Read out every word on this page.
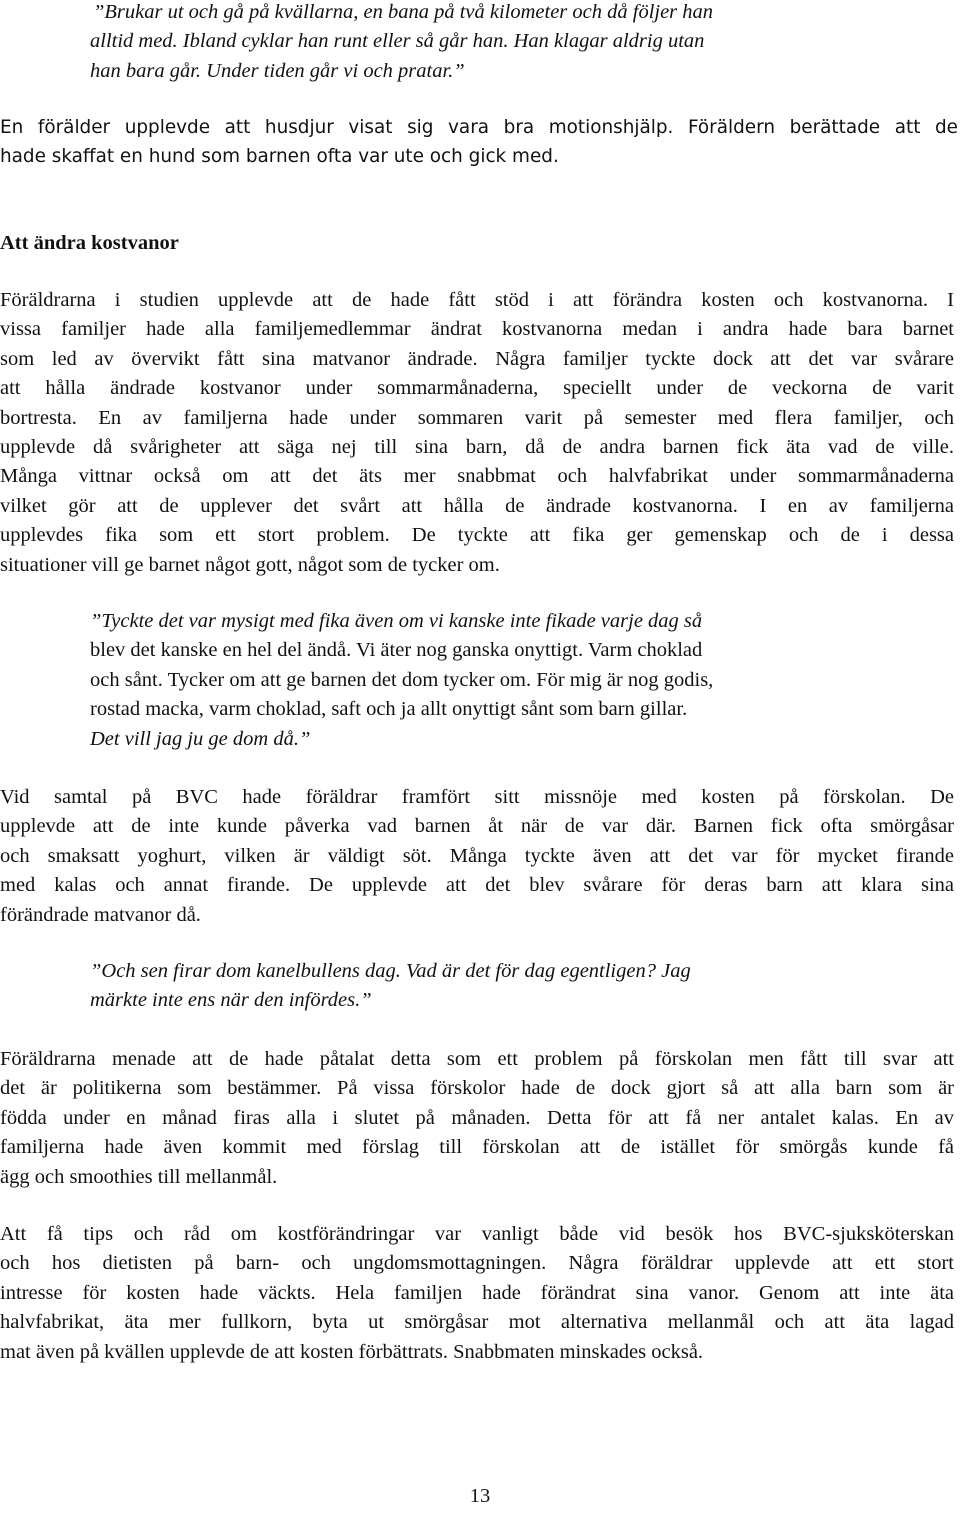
”Brukar ut och gå på kvällarna, en bana på två kilometer och då följer han
alltid med. Ibland cyklar han runt eller så går han. Han klagar aldrig utan
han bara går. Under tiden går vi och pratar.”
En förälder upplevde att husdjur visat sig vara bra motionshjälp. Föräldern berättade att de
hade skaffat en hund som barnen ofta var ute och gick med.
Att ändra kostvanor
Föräldrarna i studien upplevde att de hade fått stöd i att förändra kosten och kostvanorna. I
vissa familjer hade alla familjemedlemmar ändrat kostvanorna medan i andra hade bara barnet
som led av övervikt fått sina matvanor ändrade. Några familjer tyckte dock att det var svårare
att hålla ändrade kostvanor under sommarmånaderna, speciellt under de veckorna de varit
bortresta. En av familjerna hade under sommaren varit på semester med flera familjer, och
upplevde då svårigheter att säga nej till sina barn, då de andra barnen fick äta vad de ville.
Många vittnar också om att det äts mer snabbmat och halvfabrikat under sommarmånaderna
vilket gör att de upplever det svårt att hålla de ändrade kostvanorna. I en av familjerna
upplevdes fika som ett stort problem. De tyckte att fika ger gemenskap och de i dessa
situationer vill ge barnet något gott, något som de tycker om.
”Tyckte det var mysigt med fika även om vi kanske inte fikade varje dag så
blev det kanske en hel del ändå. Vi äter nog ganska onyttigt. Varm choklad
och sånt. Tycker om att ge barnen det dom tycker om. För mig är nog godis,
rostad macka, varm choklad, saft och ja allt onyttigt sånt som barn gillar.
Det vill jag ju ge dom då.”
Vid samtal på BVC hade föräldrar framfört sitt missnöje med kosten på förskolan. De
upplevde att de inte kunde påverka vad barnen åt när de var där. Barnen fick ofta smörgåsar
och smaksatt yoghurt, vilken är väldigt söt. Många tyckte även att det var för mycket firande
med kalas och annat firande. De upplevde att det blev svårare för deras barn att klara sina
förändrade matvanor då.
”Och sen firar dom kanelbullens dag. Vad är det för dag egentligen? Jag
märkte inte ens när den infördes.”
Föräldrarna menade att de hade påtalat detta som ett problem på förskolan men fått till svar att
det är politikerna som bestämmer. På vissa förskolor hade de dock gjort så att alla barn som är
födda under en månad firas alla i slutet på månaden. Detta för att få ner antalet kalas. En av
familjerna hade även kommit med förslag till förskolan att de istället för smörgås kunde få
ägg och smoothies till mellanmål.
Att få tips och råd om kostförändringar var vanligt både vid besök hos BVC-sjuksköterskan
och hos dietisten på barn- och ungdomsmottagningen. Några föräldrar upplevde att ett stort
intresse för kosten hade väckts. Hela familjen hade förändrat sina vanor. Genom att inte äta
halvfabrikat, äta mer fullkorn, byta ut smörgåsar mot alternativa mellanmål och att äta lagad
mat även på kvällen upplevde de att kosten förbättrats. Snabbmaten minskades också.
13
